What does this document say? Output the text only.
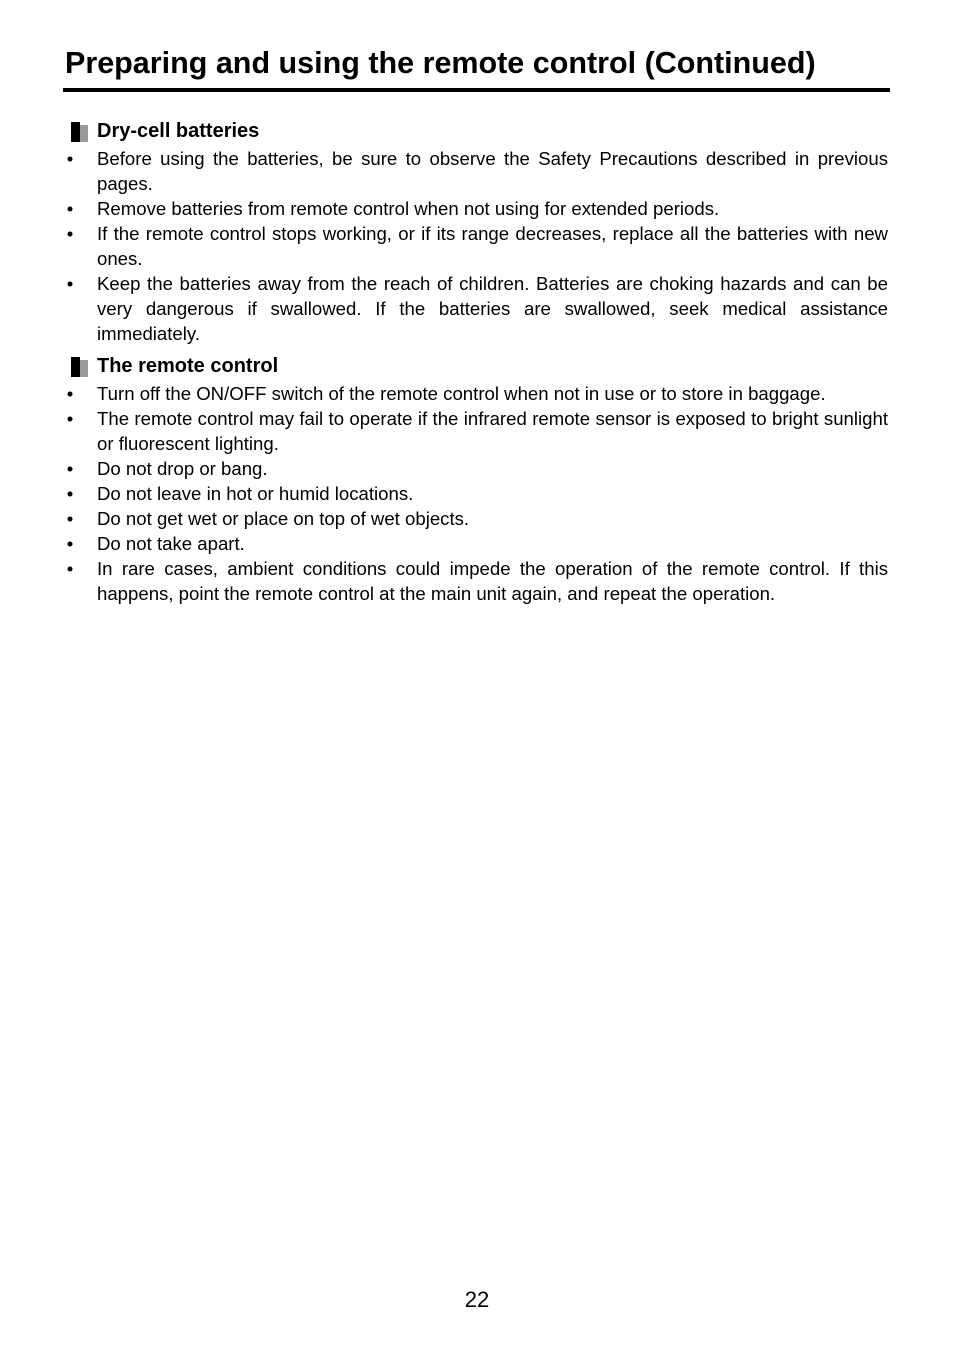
Preparing and using the remote control (Continued)
Dry-cell batteries
• Before using the batteries, be sure to observe the Safety Precautions described in previous pages.
• Remove batteries from remote control when not using for extended periods.
• If the remote control stops working, or if its range decreases, replace all the batteries with new ones.
• Keep the batteries away from the reach of children. Batteries are choking hazards and can be very dangerous if swallowed. If the batteries are swallowed, seek medical assistance immediately.
The remote control
• Turn off the ON/OFF switch of the remote control when not in use or to store in baggage.
• The remote control may fail to operate if the infrared remote sensor is exposed to bright sunlight or fluorescent lighting.
• Do not drop or bang.
• Do not leave in hot or humid locations.
• Do not get wet or place on top of wet objects.
• Do not take apart.
• In rare cases, ambient conditions could impede the operation of the remote control. If this happens, point the remote control at the main unit again, and repeat the operation.
22
